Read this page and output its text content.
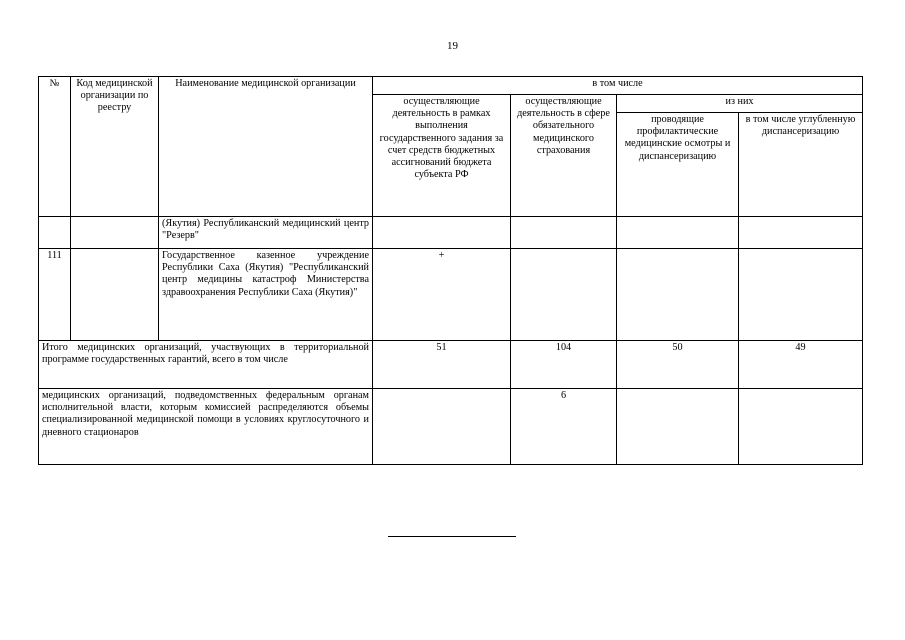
19
№	Код медицинской организации по реестру	Наименование медицинской организации	в том числе			
			осуществляющие деятельность в рамках выполнения государственного задания за счет средств бюджетных ассигнований бюджета субъекта РФ	осуществляющие деятельность в сфере обязательного медицинского страхования	из них	
					проводящие профилактические медицинские осмотры и диспансеризацию	в том числе углубленную диспансеризацию
		(Якутия) Республиканский медицинский центр "Резерв"				
111		Государственное казенное учреждение Республики Саха (Якутия) "Республиканский центр медицины катастроф Министерства здравоохранения Республики Саха (Якутия)"	+			
Итого медицинских организаций, участвующих в территориальной программе государственных гарантий, всего в том числе			51	104	50	49
медицинских организаций, подведомственных федеральным органам исполнительной власти, которым комиссией распределяются объемы специализированной медицинской помощи в условиях круглосуточного и дневного стационаров				6		
